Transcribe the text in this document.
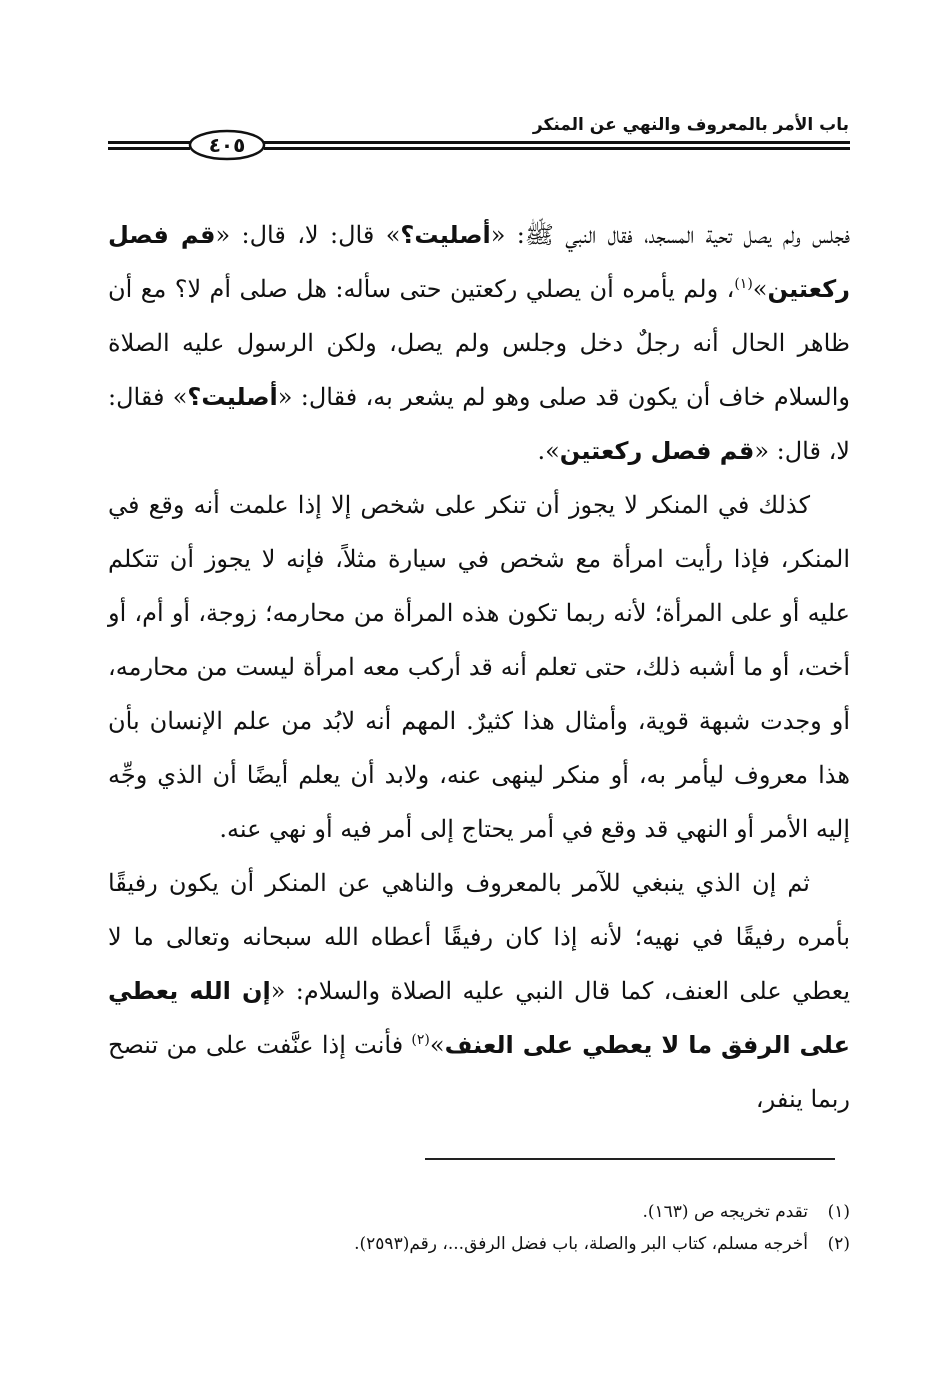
باب الأمر بالمعروف والنهي عن المنكر
٤٠٥

فجلس ولم يصل تحية المسجد، فقال النبي ﷺ: «أصليت؟» قال: لا، قال: «قم فصل ركعتين»$^{(١)}$، ولم يأمره أن يصلي ركعتين حتى سأله: هل صلى أم لا؟ مع أن ظاهر الحال أنه رجلٌ دخل وجلس ولم يصل، ولكن الرسول عليه الصلاة والسلام خاف أن يكون قد صلى وهو لم يشعر به، فقال: «أصليت؟» فقال: لا، قال: «قم فصل ركعتين».

كذلك في المنكر لا يجوز أن تنكر على شخص إلا إذا علمت أنه وقع في المنكر، فإذا رأيت امرأة مع شخص في سيارة مثلاً، فإنه لا يجوز أن تتكلم عليه أو على المرأة؛ لأنه ربما تكون هذه المرأة من محارمه؛ زوجة، أو أم، أو أخت، أو ما أشبه ذلك، حتى تعلم أنه قد أركب معه امرأة ليست من محارمه، أو وجدت شبهة قوية، وأمثال هذا كثيرٌ. المهم أنه لابُد من علم الإنسان بأن هذا معروف ليأمر به، أو منكر لينهى عنه، ولابد أن يعلم أيضًا أن الذي وجِّه إليه الأمر أو النهي قد وقع في أمر يحتاج إلى أمر فيه أو نهي عنه.

ثم إن الذي ينبغي للآمر بالمعروف والناهي عن المنكر أن يكون رفيقًا بأمره رفيقًا في نهيه؛ لأنه إذا كان رفيقًا أعطاه الله سبحانه وتعالى ما لا يعطي على العنف، كما قال النبي عليه الصلاة والسلام: «إن الله يعطي على الرفق ما لا يعطي على العنف»$^{(٢)}$ فأنت إذا عنَّفت على من تنصح ربما ينفر،

(١)تقدم تخريجه ص (١٦٣).
(٢)أخرجه مسلم، كتاب البر والصلة، باب فضل الرفق...، رقم(٢٥٩٣).
